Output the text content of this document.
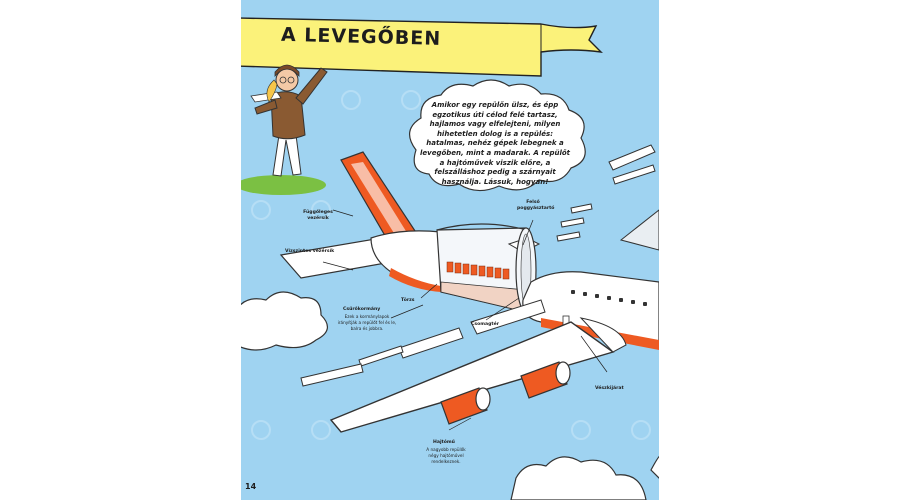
A LEVEGŐBEN
Amikor egy repülőn ülsz, és épp egzotikus úti célod felé tartasz, hajlamos vagy elfelejteni, milyen hihetetlen dolog is a repülés: hatalmas, nehéz gépek lebegnek a levegőben, mint a madarak. A repülőt a hajtóművek viszik előre, a felszálláshoz pedig a szárnyait használja. Lássuk, hogyan!
Függőleges vezérsík
Vízszintes vezérsík
Felső poggyásztartó
Törzs
Csűrőkormány
Ezek a kormánylapok irányítják a repülőt fel és le, balra és jobbra.
Csomagtér
Vészkijárat
Hajtómű
A nagyobb repülők négy hajtóművel rendelkeznek.
14
